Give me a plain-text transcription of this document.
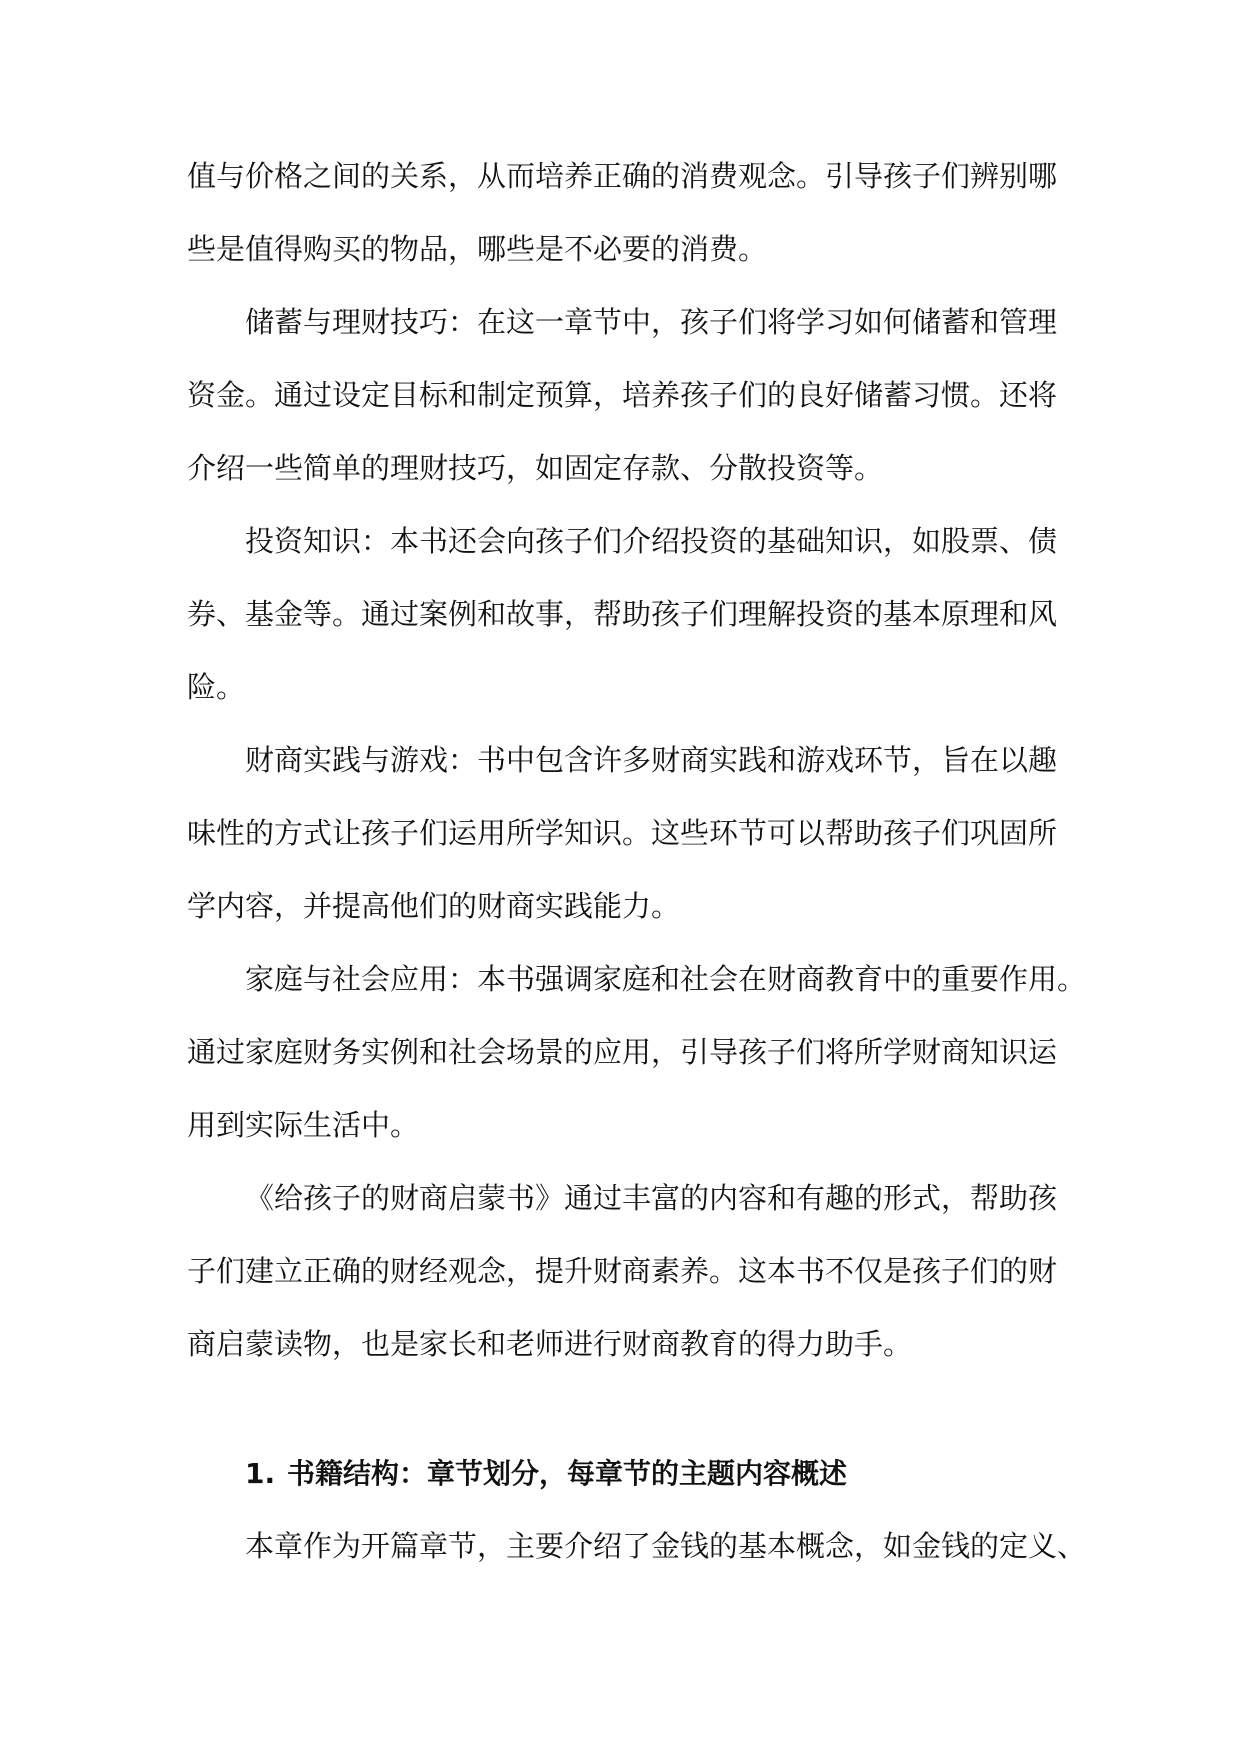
值与价格之间的关系，从而培养正确的消费观念。引导孩子们辨别哪
些是值得购买的物品，哪些是不必要的消费。
储蓄与理财技巧：在这一章节中，孩子们将学习如何储蓄和管理
资金。通过设定目标和制定预算，培养孩子们的良好储蓄习惯。还将
介绍一些简单的理财技巧，如固定存款、分散投资等。
投资知识：本书还会向孩子们介绍投资的基础知识，如股票、债
券、基金等。通过案例和故事，帮助孩子们理解投资的基本原理和风
险。
财商实践与游戏：书中包含许多财商实践和游戏环节，旨在以趣
味性的方式让孩子们运用所学知识。这些环节可以帮助孩子们巩固所
学内容，并提高他们的财商实践能力。
家庭与社会应用：本书强调家庭和社会在财商教育中的重要作用。
通过家庭财务实例和社会场景的应用，引导孩子们将所学财商知识运
用到实际生活中。
《给孩子的财商启蒙书》通过丰富的内容和有趣的形式，帮助孩
子们建立正确的财经观念，提升财商素养。这本书不仅是孩子们的财
商启蒙读物，也是家长和老师进行财商教育的得力助手。
1. 书籍结构：章节划分，每章节的主题内容概述
本章作为开篇章节，主要介绍了金钱的基本概念，如金钱的定义、
